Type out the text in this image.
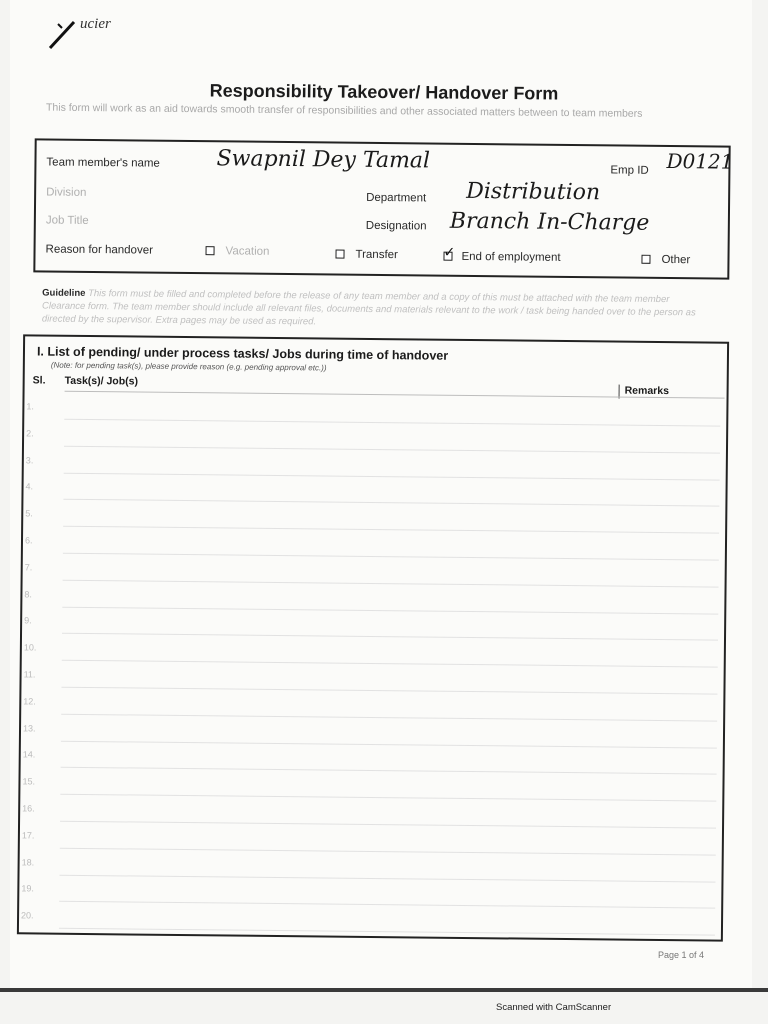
ucier
Responsibility Takeover/ Handover Form
This form will work as an aid towards smooth transfer of responsibilities and other associated matters between to team members
Team member's name	Swapnil Dey Tamal	Emp ID D0121
Division	Department Distribution
Job Title	Designation Branch In-Charge
Reason for handover	Vacation	Transfer
✓	End of employment	Other
Guideline This form must be filled and completed before the release of any team member and a copy of this must be attached with the team member Clearance form. The team member should include all relevant files, documents and materials relevant to the work / task being handed over to the person as directed by the supervisor. Extra pages may be used as required.
I. List of pending/ under process tasks/ Jobs during time of handover
(Note: for pending task(s), please provide reason (e.g. pending approval etc.))
Sl. Task(s)/ Job(s)
Remarks
1.
2.
3.
4.
5.
6.
7.
8.
9.
10.
11.
12.
13.
14.
15.
16.
17.
18.
19.
20.
Page 1 of 4
Scanned with CamScanner
